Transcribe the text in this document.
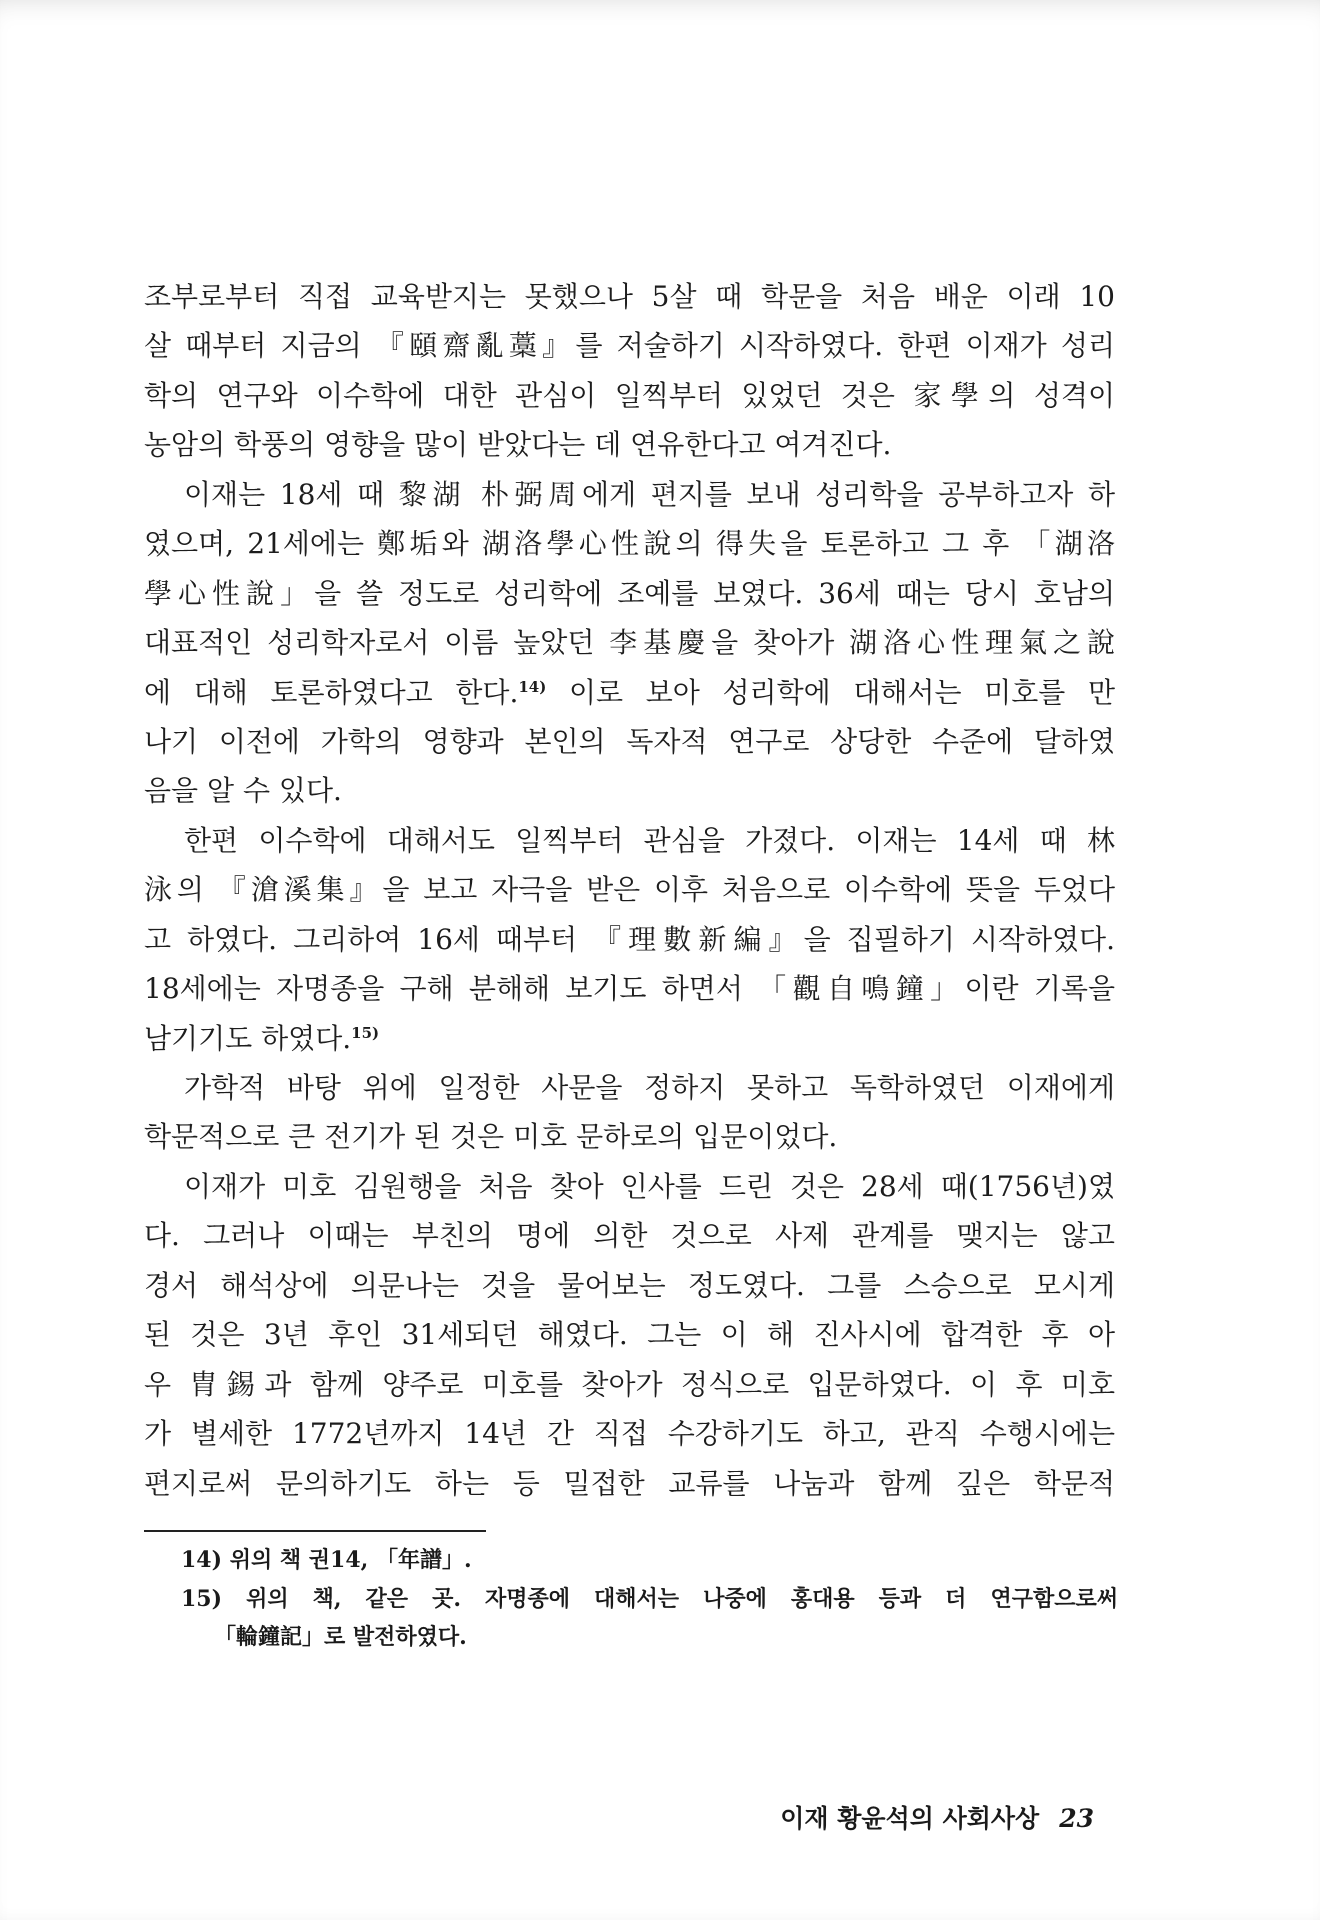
조부로부터 직접 교육받지는 못했으나 5살 때 학문을 처음 배운 이래 10
살 때부터 지금의 『頤齋亂藁』를 저술하기 시작하였다. 한편 이재가 성리
학의 연구와 이수학에 대한 관심이 일찍부터 있었던 것은 家學의 성격이
농암의 학풍의 영향을 많이 받았다는 데 연유한다고 여겨진다.
이재는 18세 때 黎湖 朴弼周에게 편지를 보내 성리학을 공부하고자 하
였으며, 21세에는 鄭垢와 湖洛學心性說의 得失을 토론하고 그 후 「湖洛
學心性說」을 쓸 정도로 성리학에 조예를 보였다. 36세 때는 당시 호남의
대표적인 성리학자로서 이름 높았던 李基慶을 찾아가 湖洛心性理氣之說
에 대해 토론하였다고 한다.$^{14)}$ 이로 보아 성리학에 대해서는 미호를 만
나기 이전에 가학의 영향과 본인의 독자적 연구로 상당한 수준에 달하였
음을 알 수 있다.
한편 이수학에 대해서도 일찍부터 관심을 가졌다. 이재는 14세 때 林
泳의 『滄溪集』을 보고 자극을 받은 이후 처음으로 이수학에 뜻을 두었다
고 하였다. 그리하여 16세 때부터 『理數新編』을 집필하기 시작하였다.
18세에는 자명종을 구해 분해해 보기도 하면서 「觀自鳴鐘」이란 기록을
남기기도 하였다.$^{15)}$
가학적 바탕 위에 일정한 사문을 정하지 못하고 독학하였던 이재에게
학문적으로 큰 전기가 된 것은 미호 문하로의 입문이었다.
이재가 미호 김원행을 처음 찾아 인사를 드린 것은 28세 때(1756년)였
다. 그러나 이때는 부친의 명에 의한 것으로 사제 관계를 맺지는 않고
경서 해석상에 의문나는 것을 물어보는 정도였다. 그를 스승으로 모시게
된 것은 3년 후인 31세되던 해였다. 그는 이 해 진사시에 합격한 후 아
우 胄錫과 함께 양주로 미호를 찾아가 정식으로 입문하였다. 이 후 미호
가 별세한 1772년까지 14년 간 직접 수강하기도 하고, 관직 수행시에는
편지로써 문의하기도 하는 등 밀접한 교류를 나눔과 함께 깊은 학문적
14) 위의 책 권14, 「年譜」.
15) 위의 책, 같은 곳. 자명종에 대해서는 나중에 홍대용 등과 더 연구함으로써
「輪鐘記」로 발전하였다.
이재 황윤석의 사회사상 23
